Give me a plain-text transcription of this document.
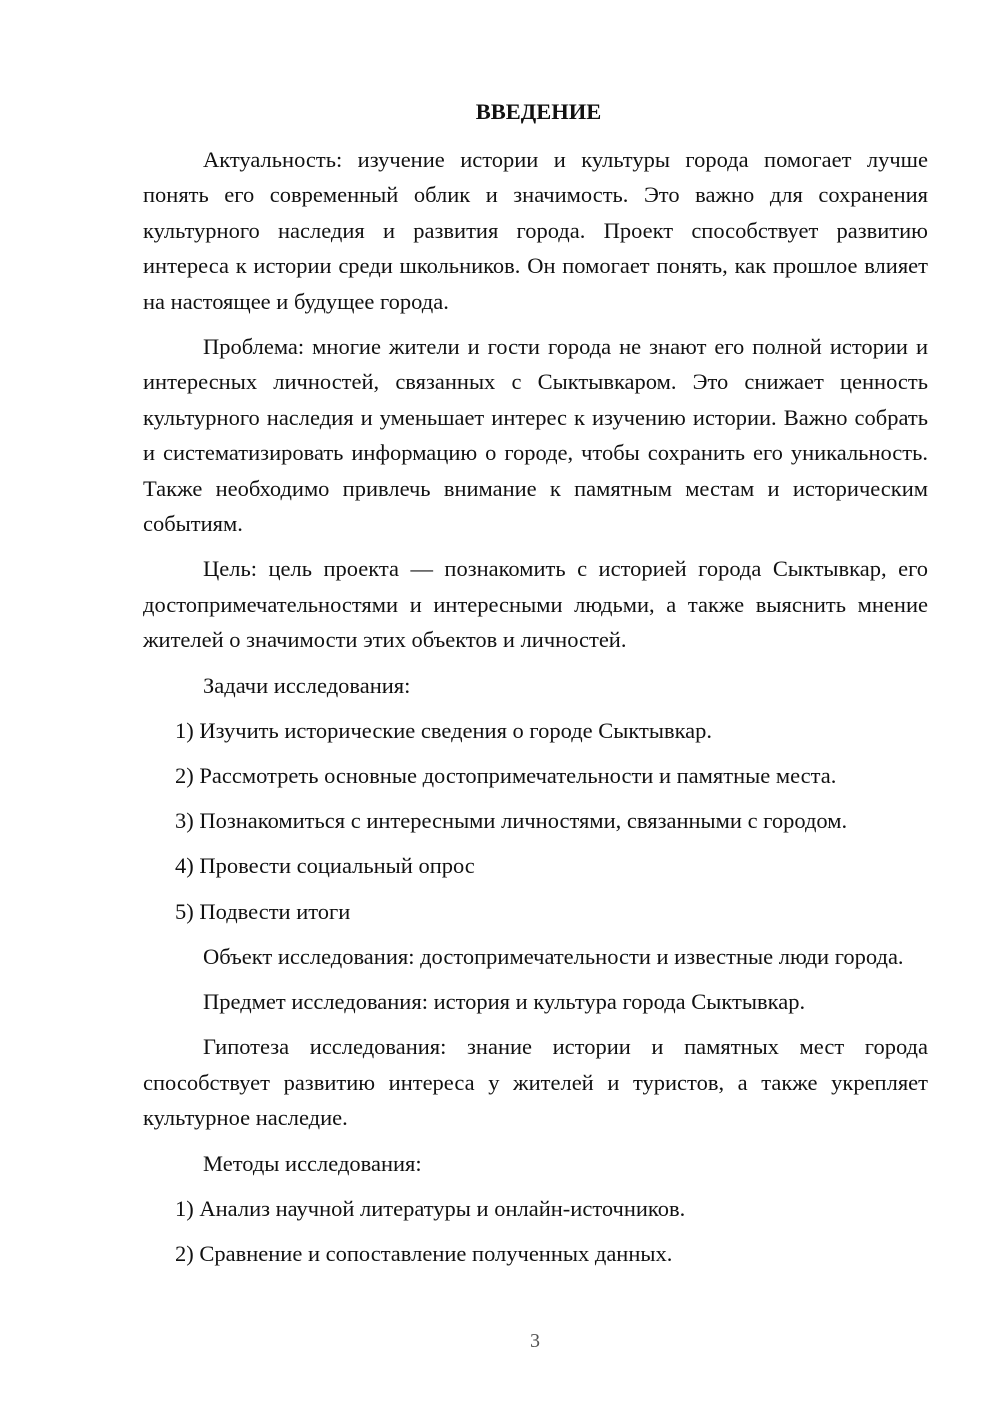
ВВЕДЕНИЕ

Актуальность: изучение истории и культуры города помогает лучше понять его современный облик и значимость. Это важно для сохранения культурного наследия и развития города. Проект способствует развитию интереса к истории среди школьников. Он помогает понять, как прошлое влияет на настоящее и будущее города.

Проблема: многие жители и гости города не знают его полной истории и интересных личностей, связанных с Сыктывкаром. Это снижает ценность культурного наследия и уменьшает интерес к изучению истории. Важно собрать и систематизировать информацию о городе, чтобы сохранить его уникальность. Также необходимо привлечь внимание к памятным местам и историческим событиям.

Цель: цель проекта — познакомить с историей города Сыктывкар, его достопримечательностями и интересными людьми, а также выяснить мнение жителей о значимости этих объектов и личностей.

Задачи исследования:
1) Изучить исторические сведения о городе Сыктывкар.
2) Рассмотреть основные достопримечательности и памятные места.
3) Познакомиться с интересными личностями, связанными с городом.
4) Провести социальный опрос
5) Подвести итоги

Объект исследования: достопримечательности и известные люди города.

Предмет исследования: история и культура города Сыктывкар.

Гипотеза исследования: знание истории и памятных мест города способствует развитию интереса у жителей и туристов, а также укрепляет культурное наследие.

Методы исследования:
1) Анализ научной литературы и онлайн-источников.
2) Сравнение и сопоставление полученных данных.
3
